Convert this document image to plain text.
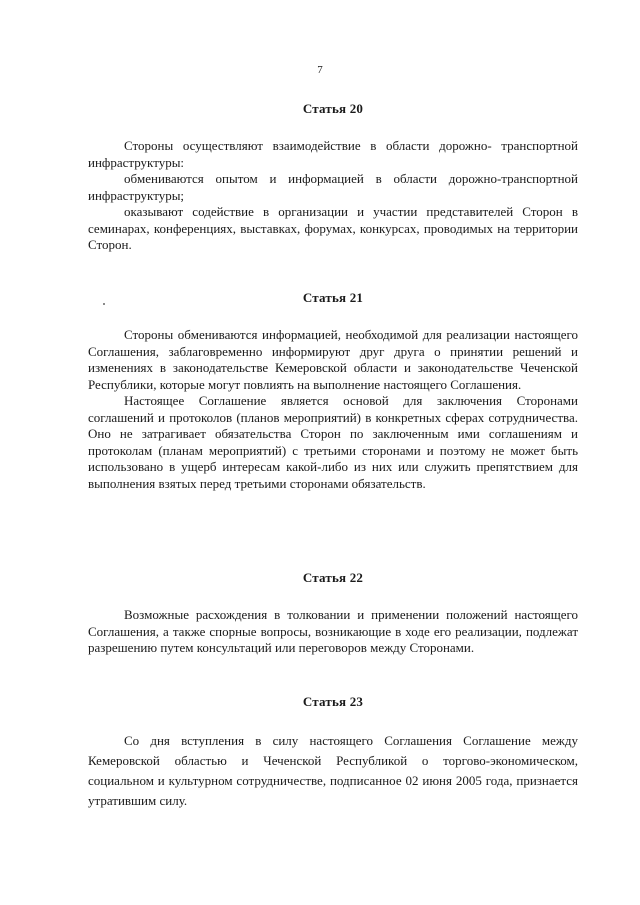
7
Статья 20

Стороны осуществляют взаимодействие в области дорожно- транспортной инфраструктуры:

обмениваются опытом и информацией в области дорожно-транспортной инфраструктуры;

оказывают содействие в организации и участии представителей Сторон в семинарах, конференциях, выставках, форумах, конкурсах, проводимых на территории Сторон.

Статья 21

Стороны обмениваются информацией, необходимой для реализации настоящего Соглашения, заблаговременно информируют друг друга о принятии решений и изменениях в законодательстве Кемеровской области и законодательстве Чеченской Республики, которые могут повлиять на выполнение настоящего Соглашения.

Настоящее Соглашение является основой для заключения Сторонами соглашений и протоколов (планов мероприятий) в конкретных сферах сотрудничества. Оно не затрагивает обязательства Сторон по заключенным ими соглашениям и протоколам (планам мероприятий) с третьими сторонами и поэтому не может быть использовано в ущерб интересам какой-либо из них или служить препятствием для выполнения взятых перед третьими сторонами обязательств.

Статья 22

Возможные расхождения в толковании и применении положений настоящего Соглашения, а также спорные вопросы, возникающие в ходе его реализации, подлежат разрешению путем консультаций или переговоров между Сторонами.

Статья 23

Со дня вступления в силу настоящего Соглашения Соглашение между Кемеровской областью и Чеченской Республикой о торгово-экономическом, социальном и культурном сотрудничестве, подписанное 02 июня 2005 года, признается утратившим силу.
